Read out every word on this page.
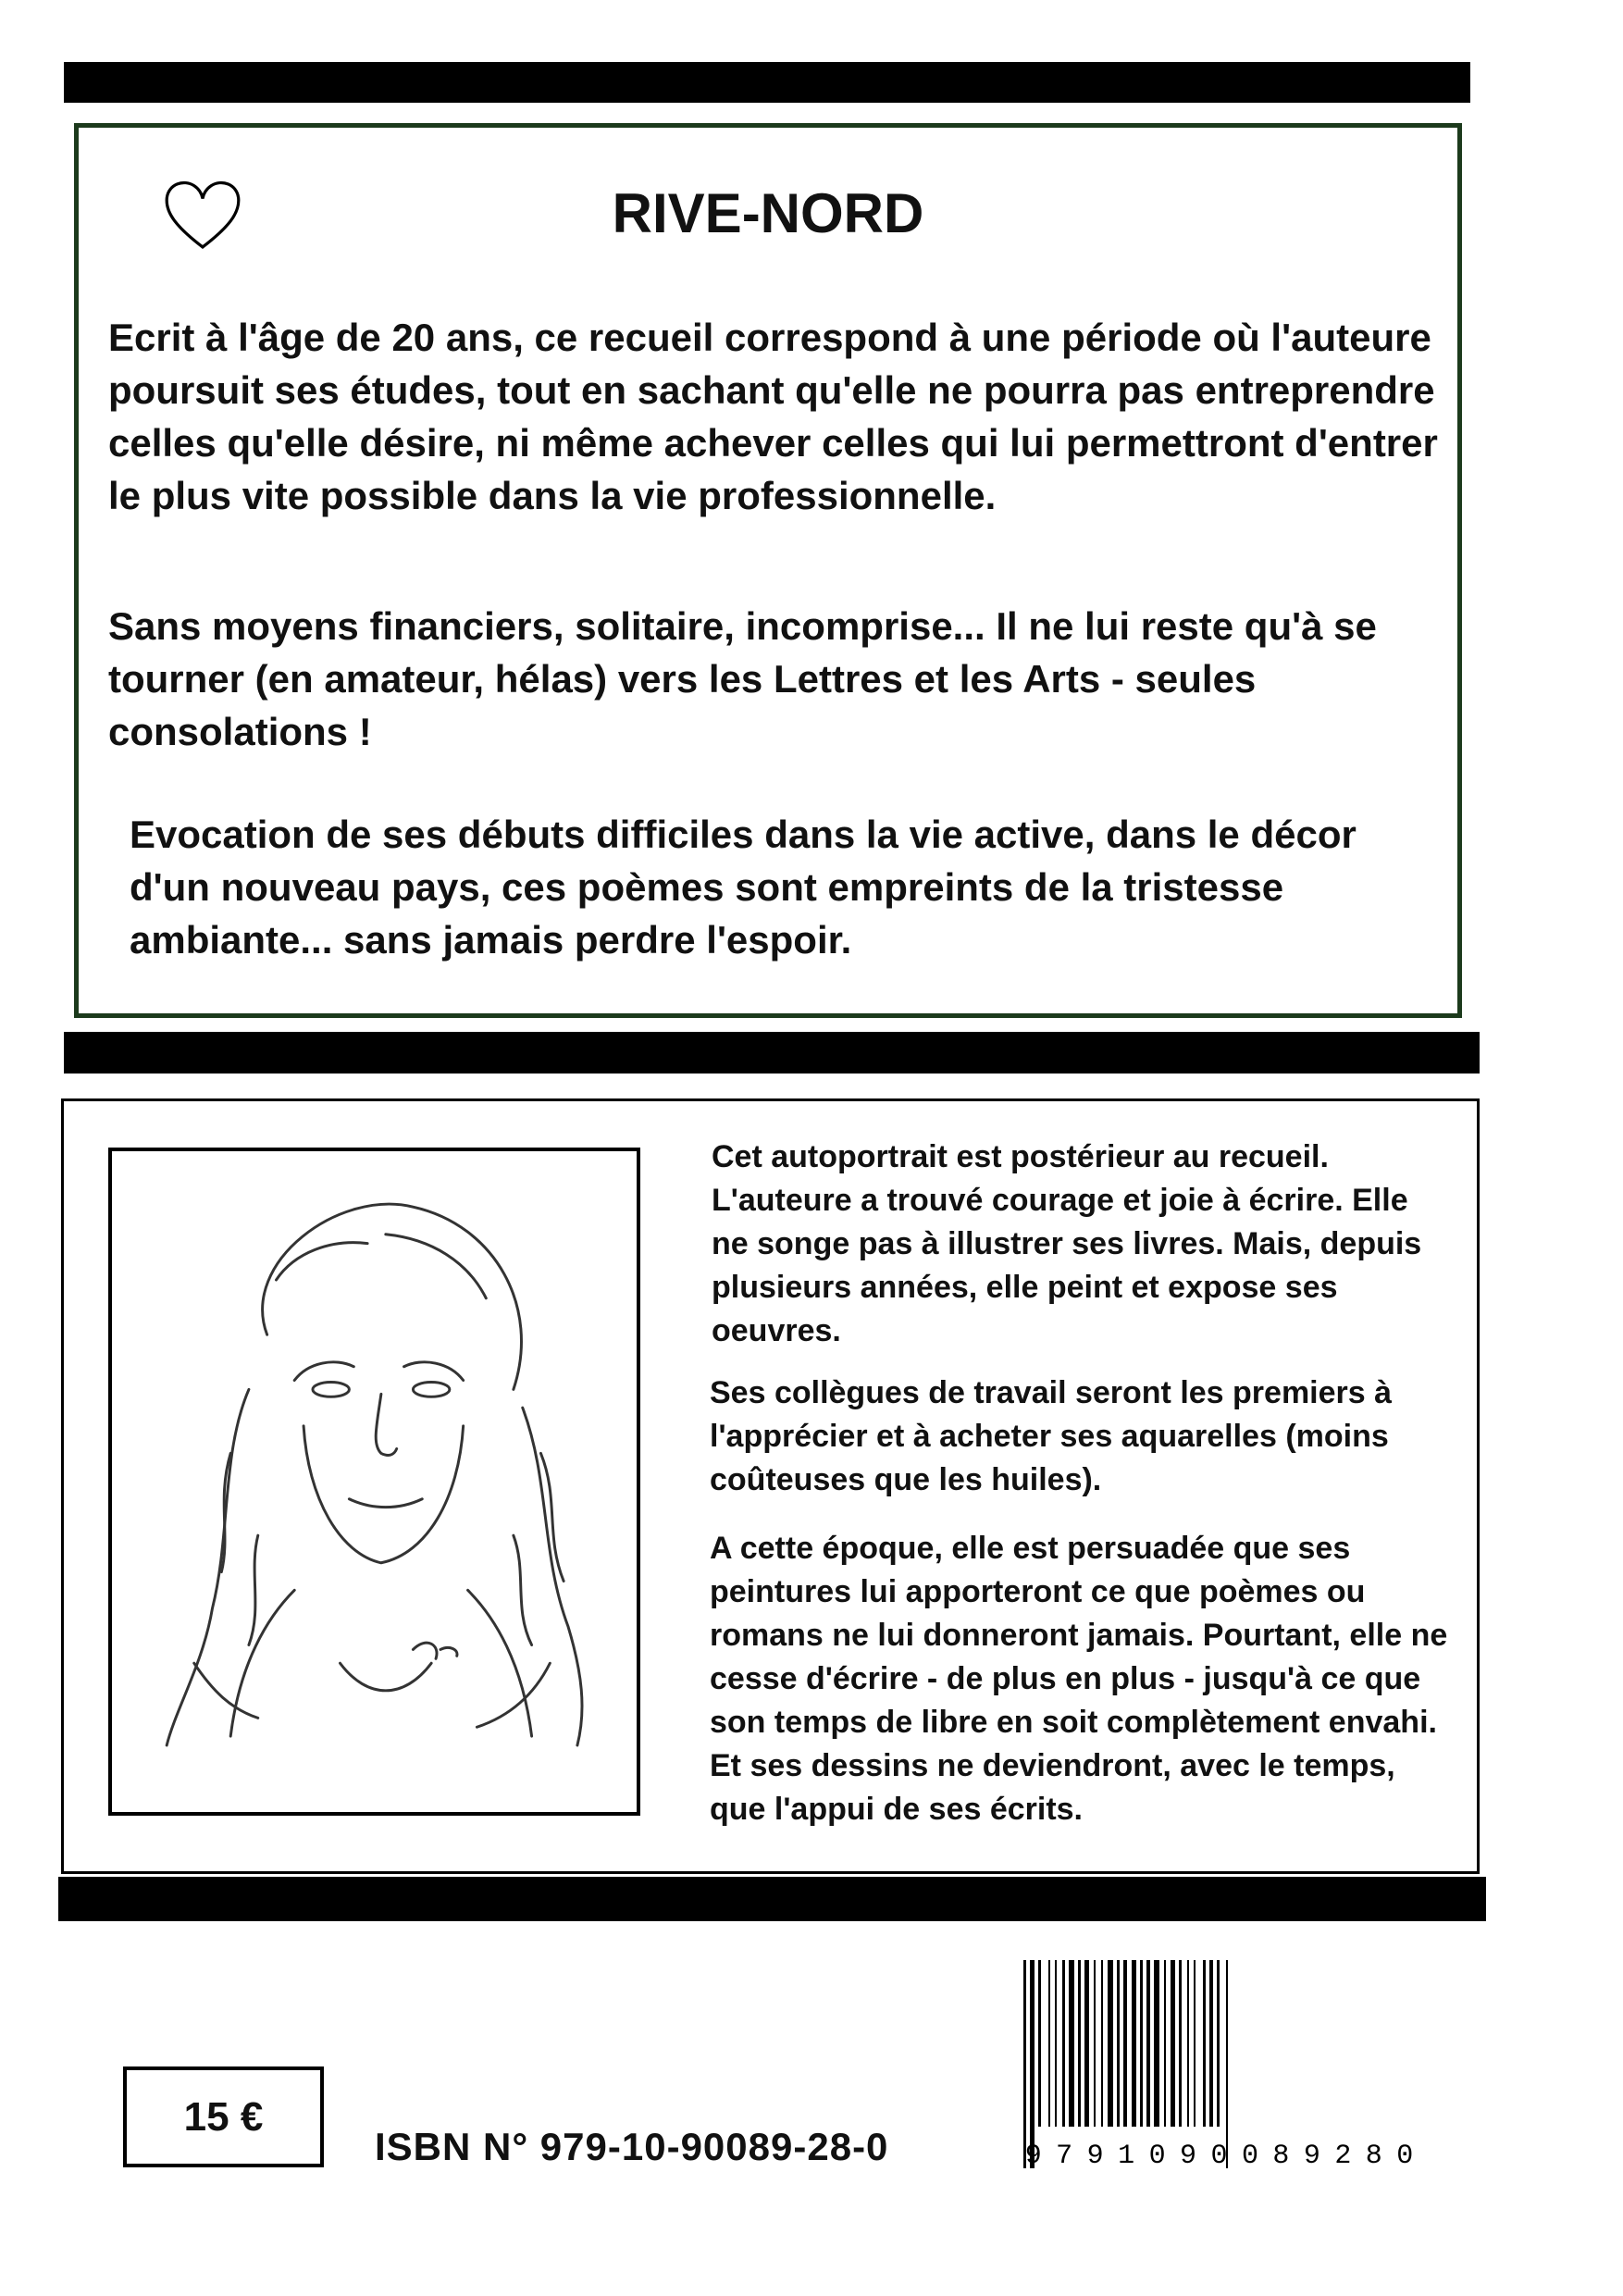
RIVE-NORD

Ecrit à l'âge de 20 ans, ce recueil correspond à une période où l'auteure poursuit ses études, tout en sachant qu'elle ne pourra pas entreprendre celles qu'elle désire, ni même achever celles qui lui permettront d'entrer le plus vite possible dans la vie professionnelle.

Sans moyens financiers, solitaire, incomprise... Il ne lui reste qu'à se tourner (en amateur, hélas) vers les Lettres et les Arts - seules consolations !

Evocation de ses débuts difficiles dans la vie active, dans le décor d'un nouveau pays, ces poèmes sont empreints de la tristesse ambiante... sans jamais perdre l'espoir.

Cet autoportrait est postérieur au recueil. L'auteure a trouvé courage et joie à écrire. Elle ne songe pas à illustrer ses livres. Mais, depuis plusieurs années, elle peint et expose ses oeuvres.

Ses collègues de travail seront les premiers à l'apprécier et à acheter ses aquarelles (moins coûteuses que les huiles).

A cette époque, elle est persuadée que ses peintures lui apporteront ce que poèmes ou romans ne lui donneront jamais. Pourtant, elle ne cesse d'écrire - de plus en plus - jusqu'à ce que son temps de libre en soit complètement envahi. Et ses dessins ne deviendront, avec le temps, que l'appui de ses écrits.

15 €
ISBN N° 979-10-90089-28-0	9 7 9 1 0 9 0 0 8 9 2 8 0
